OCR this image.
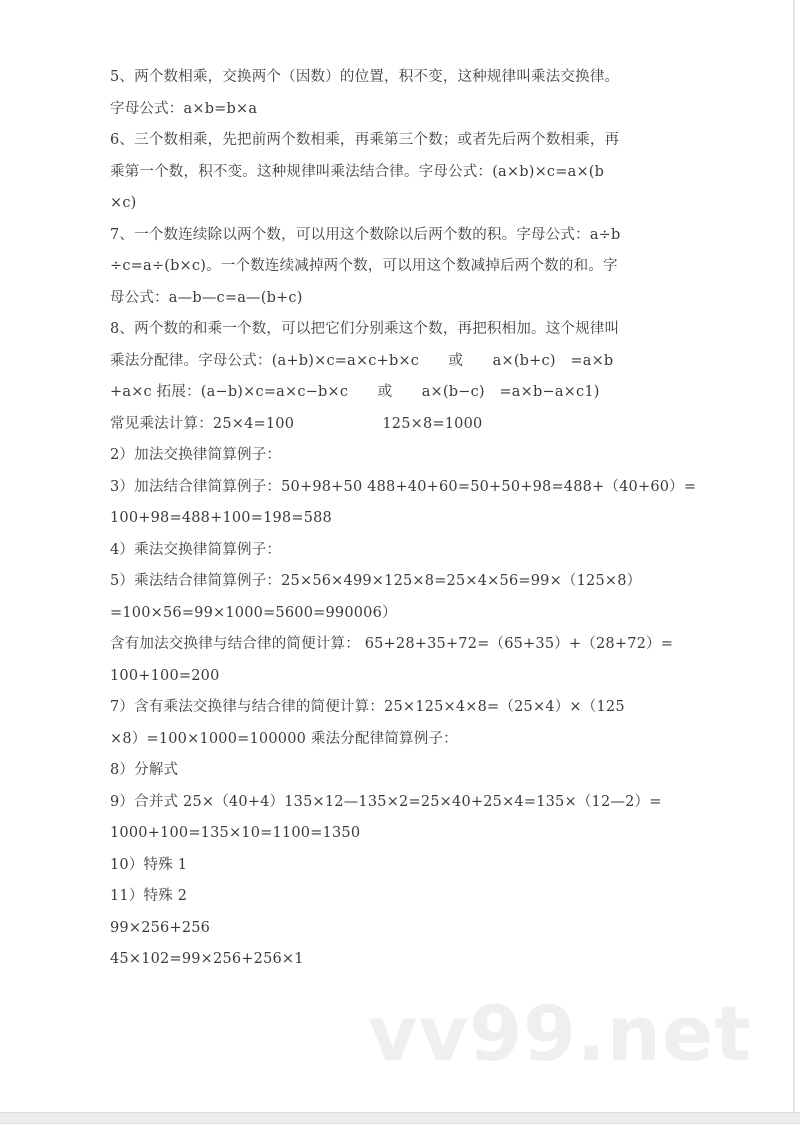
5、两个数相乘，交换两个（因数）的位置，积不变，这种规律叫乘法交换律。
字母公式：a×b=b×a
6、三个数相乘，先把前两个数相乘，再乘第三个数；或者先后两个数相乘，再
乘第一个数，积不变。这种规律叫乘法结合律。字母公式：(a×b)×c=a×(b
×c)
7、一个数连续除以两个数，可以用这个数除以后两个数的积。字母公式：a÷b
÷c=a÷(b×c)。一个数连续减掉两个数，可以用这个数减掉后两个数的和。字
母公式：a—b—c=a—(b+c)
8、两个数的和乘一个数，可以把它们分别乘这个数，再把积相加。这个规律叫
乘法分配律。字母公式：(a+b)×c=a×c+b×c　　或　　a×(b+c)　=a×b
+a×c 拓展：(a−b)×c=a×c−b×c　　或　　a×(b−c)　=a×b−a×c1)
常见乘法计算：25×4=100　　　　　　125×8=1000
2）加法交换律简算例子：
3）加法结合律简算例子：50+98+50 488+40+60=50+50+98=488+（40+60）=
100+98=488+100=198=588
4）乘法交换律简算例子：
5）乘法结合律简算例子：25×56×499×125×8=25×4×56=99×（125×8）
=100×56=99×1000=5600=990006）
含有加法交换律与结合律的简便计算： 65+28+35+72=（65+35）+（28+72）=
100+100=200
7）含有乘法交换律与结合律的简便计算：25×125×4×8=（25×4）×（125
×8）=100×1000=100000 乘法分配律简算例子：
8）分解式
9）合并式 25×（40+4）135×12—135×2=25×40+25×4=135×（12—2）=
1000+100=135×10=1100=1350
10）特殊 1
11）特殊 2
99×256+256
45×102=99×256+256×1
vv99.net
